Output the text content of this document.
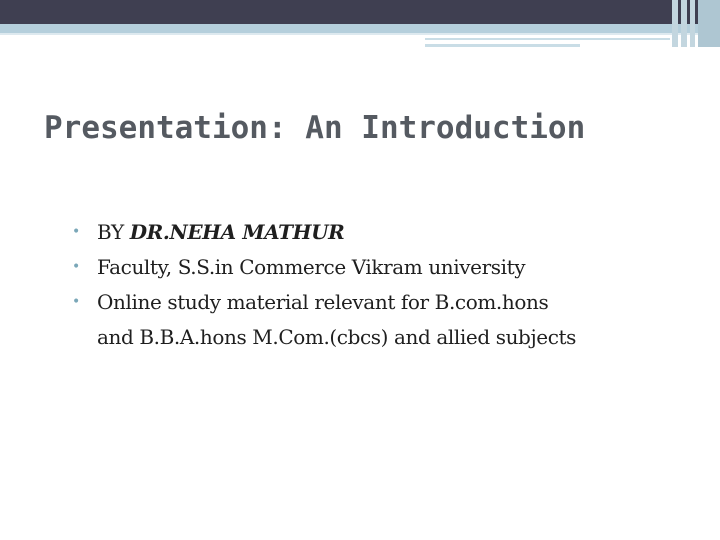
Presentation: An Introduction
• BY DR.NEHA MATHUR
• Faculty, S.S.in Commerce Vikram university
• Online study material relevant for B.com.hons
and B.B.A.hons M.Com.(cbcs) and allied subjects
